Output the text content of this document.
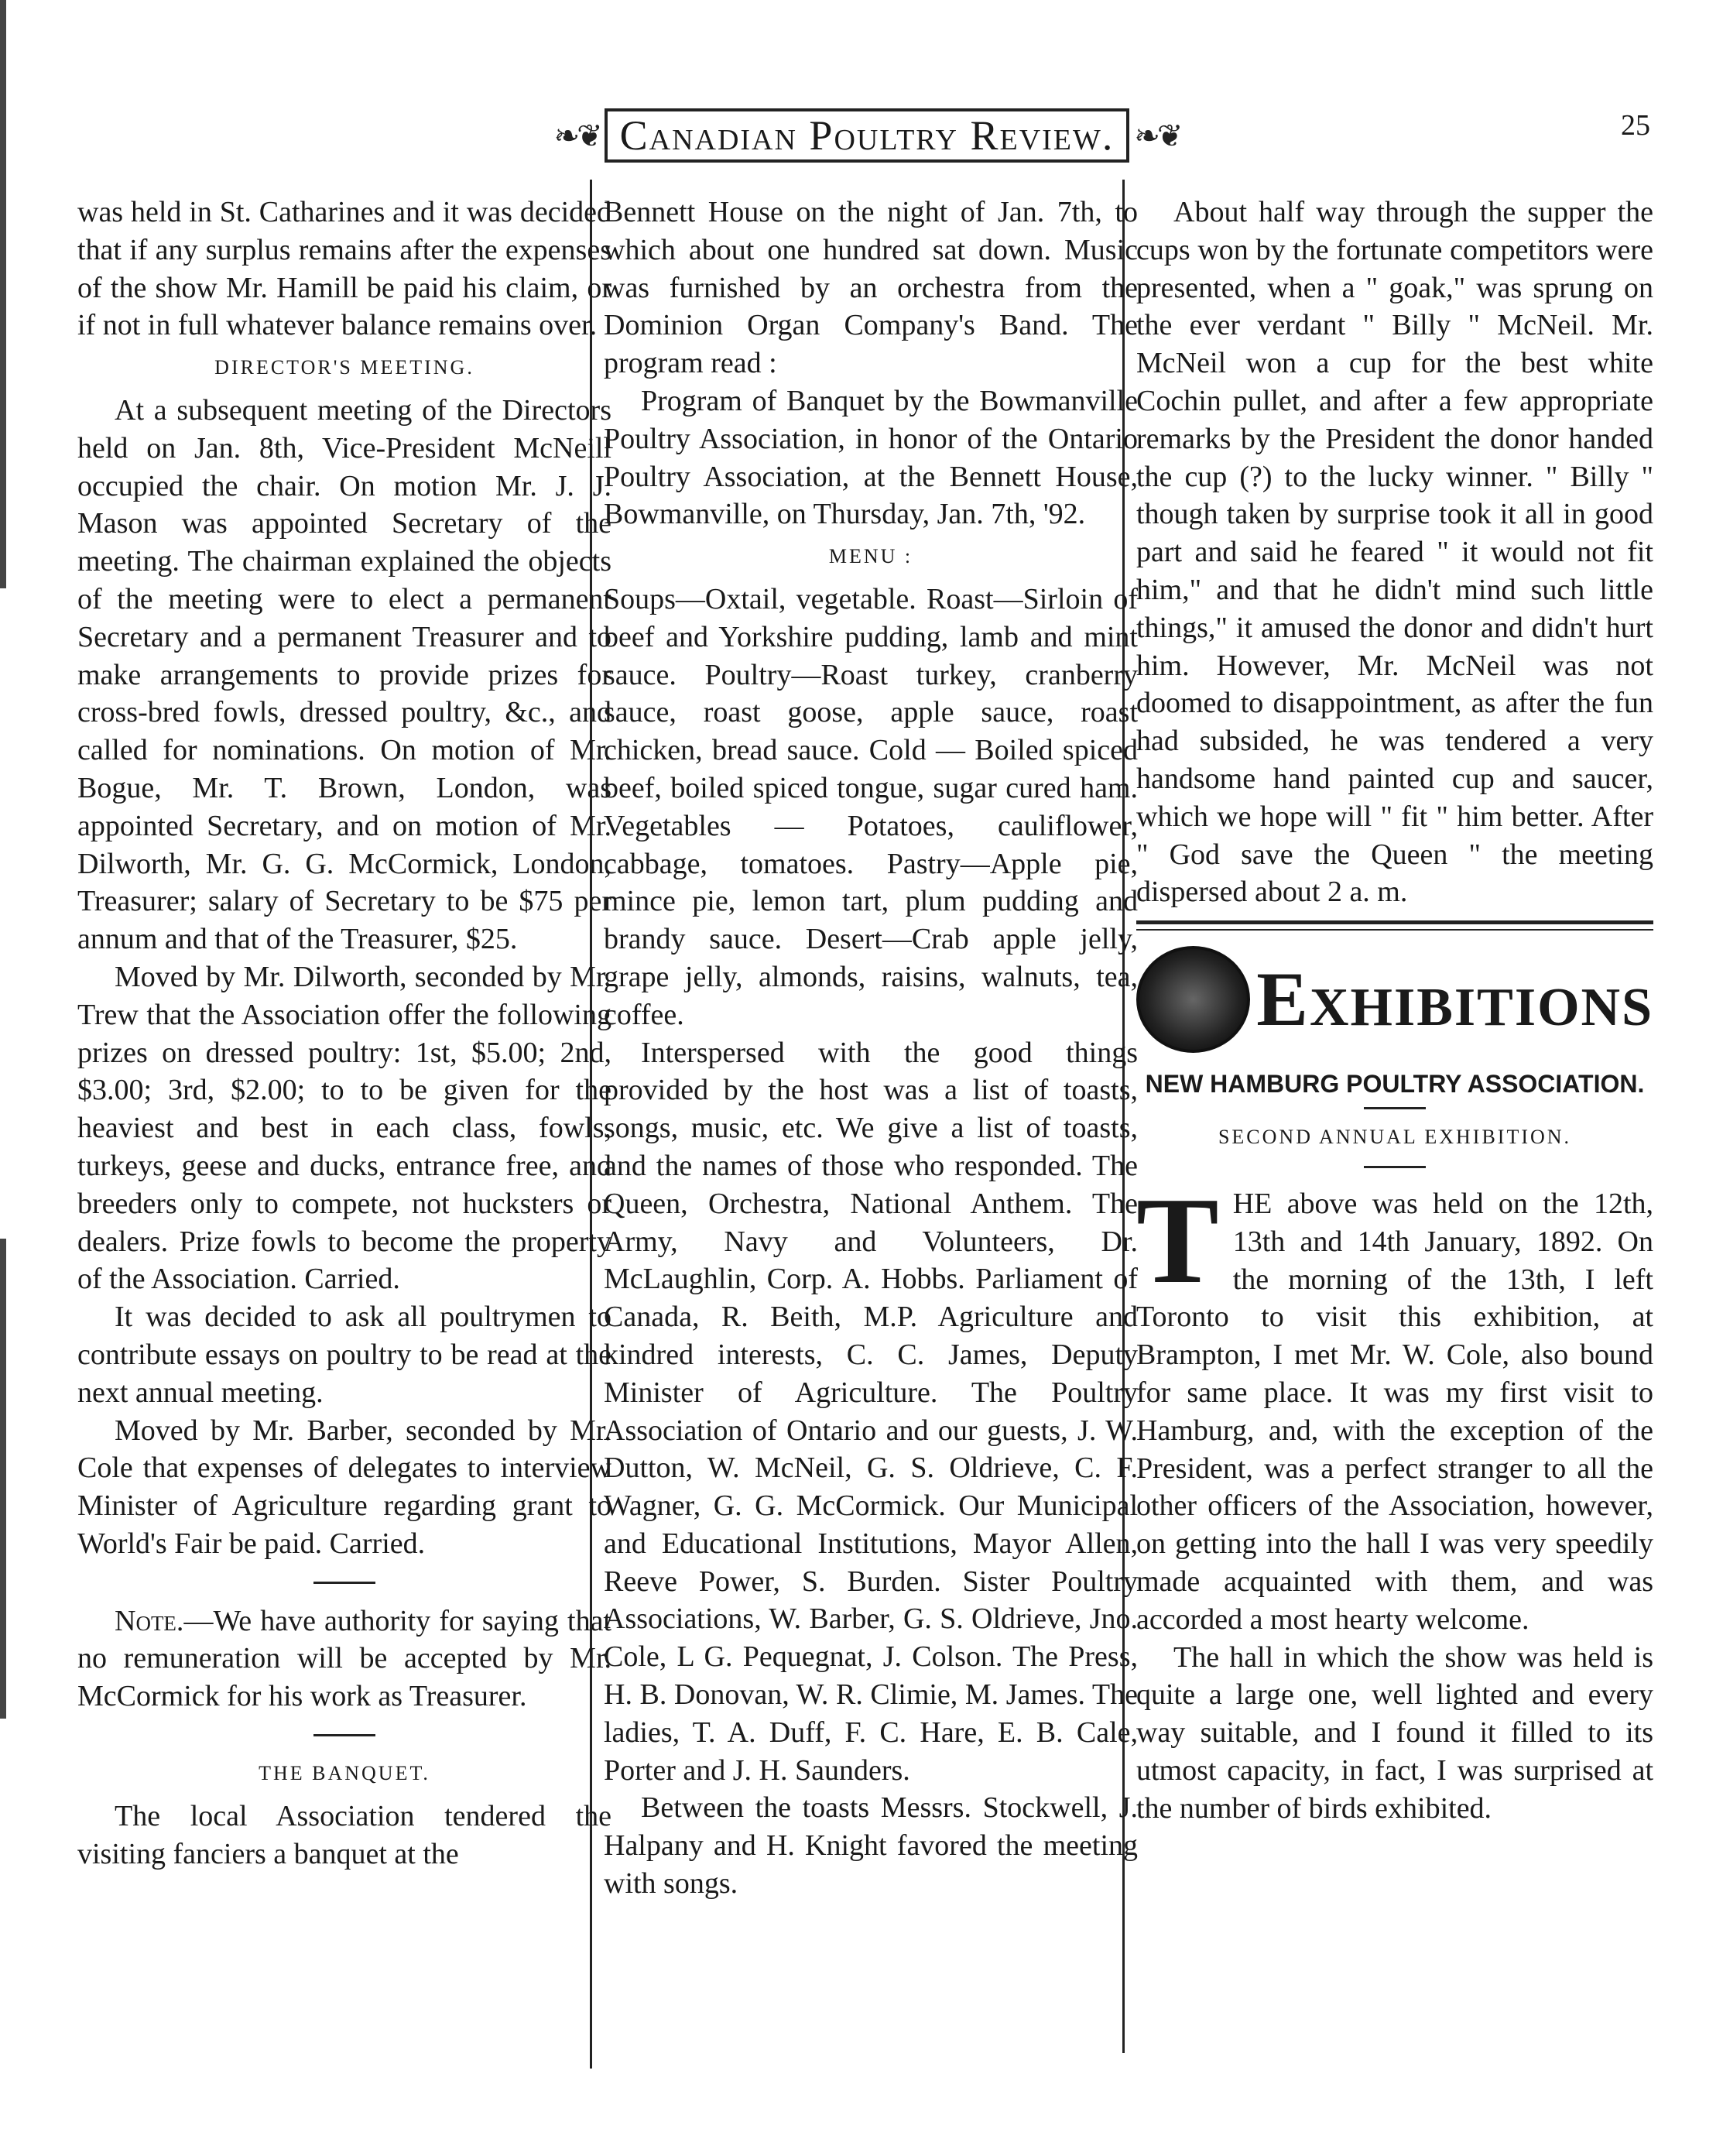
❧❦ Canadian Poultry Review. ❧❦	25

was held in St. Catharines and it was decided that if any surplus remains after the expenses of the show Mr. Hamill be paid his claim, or if not in full whatever balance remains over.

DIRECTOR'S MEETING.

At a subsequent meeting of the Directors held on Jan. 8th, Vice-President McNeill occupied the chair. On motion Mr. J. J. Mason was appointed Secretary of the meeting. The chairman explained the objects of the meeting were to elect a permanent Secretary and a permanent Treasurer and to make arrangements to provide prizes for cross-bred fowls, dressed poultry, &c., and called for nominations. On motion of Mr. Bogue, Mr. T. Brown, London, was appointed Secretary, and on motion of Mr. Dilworth, Mr. G. G. McCormick, London, Treasurer; salary of Secretary to be $75 per annum and that of the Treasurer, $25.

Moved by Mr. Dilworth, seconded by Mr. Trew that the Association offer the following prizes on dressed poultry: 1st, $5.00; 2nd, $3.00; 3rd, $2.00; to to be given for the heaviest and best in each class, fowls, turkeys, geese and ducks, entrance free, and breeders only to compete, not hucksters or dealers. Prize fowls to become the property of the Association. Carried.

It was decided to ask all poultrymen to contribute essays on poultry to be read at the next annual meeting.

Moved by Mr. Barber, seconded by Mr. Cole that expenses of delegates to interview Minister of Agriculture regarding grant to World's Fair be paid. Carried.

Note.—We have authority for saying that no remuneration will be accepted by Mr. McCormick for his work as Treasurer.

THE BANQUET.

The local Association tendered the visiting fanciers a banquet at the

Bennett House on the night of Jan. 7th, to which about one hundred sat down. Music was furnished by an orchestra from the Dominion Organ Company's Band. The program read :

Program of Banquet by the Bowmanville Poultry Association, in honor of the Ontario Poultry Association, at the Bennett House, Bowmanville, on Thursday, Jan. 7th, '92.

MENU :

Soups—Oxtail, vegetable. Roast—Sirloin of beef and Yorkshire pudding, lamb and mint sauce. Poultry—Roast turkey, cranberry sauce, roast goose, apple sauce, roast chicken, bread sauce. Cold — Boiled spiced beef, boiled spiced tongue, sugar cured ham. Vegetables — Potatoes, cauliflower, cabbage, tomatoes. Pastry—Apple pie, mince pie, lemon tart, plum pudding and brandy sauce. Desert—Crab apple jelly, grape jelly, almonds, raisins, walnuts, tea, coffee.

Interspersed with the good things provided by the host was a list of toasts, songs, music, etc. We give a list of toasts, and the names of those who responded. The Queen, Orchestra, National Anthem. The Army, Navy and Volunteers, Dr. McLaughlin, Corp. A. Hobbs. Parliament of Canada, R. Beith, M.P. Agriculture and kindred interests, C. C. James, Deputy Minister of Agriculture. The Poultry Association of Ontario and our guests, J. W. Dutton, W. McNeil, G. S. Oldrieve, C. F. Wagner, G. G. McCormick. Our Municipal and Educational Institutions, Mayor Allen, Reeve Power, S. Burden. Sister Poultry Associations, W. Barber, G. S. Oldrieve, Jno. Cole, L G. Pequegnat, J. Colson. The Press, H. B. Donovan, W. R. Climie, M. James. The ladies, T. A. Duff, F. C. Hare, E. B. Cale, Porter and J. H. Saunders.

Between the toasts Messrs. Stockwell, J. Halpany and H. Knight favored the meeting with songs.

About half way through the supper the cups won by the fortunate competitors were presented, when a " goak," was sprung on the ever verdant " Billy " McNeil. Mr. McNeil won a cup for the best white Cochin pullet, and after a few appropriate remarks by the President the donor handed the cup (?) to the lucky winner. " Billy " though taken by surprise took it all in good part and said he feared " it would not fit him," and that he didn't mind such little things," it amused the donor and didn't hurt him. However, Mr. McNeil was not doomed to disappointment, as after the fun had subsided, he was tendered a very handsome hand painted cup and saucer, which we hope will " fit " him better. After " God save the Queen " the meeting dispersed about 2 a. m.

Exhibitions
NEW HAMBURG POULTRY ASSOCIATION.
SECOND ANNUAL EXHIBITION.

THE above was held on the 12th, 13th and 14th January, 1892. On the morning of the 13th, I left Toronto to visit this exhibition, at Brampton, I met Mr. W. Cole, also bound for same place. It was my first visit to Hamburg, and, with the exception of the President, was a perfect stranger to all the other officers of the Association, however, on getting into the hall I was very speedily made acquainted with them, and was accorded a most hearty welcome.

The hall in which the show was held is quite a large one, well lighted and every way suitable, and I found it filled to its utmost capacity, in fact, I was surprised at the number of birds exhibited.
